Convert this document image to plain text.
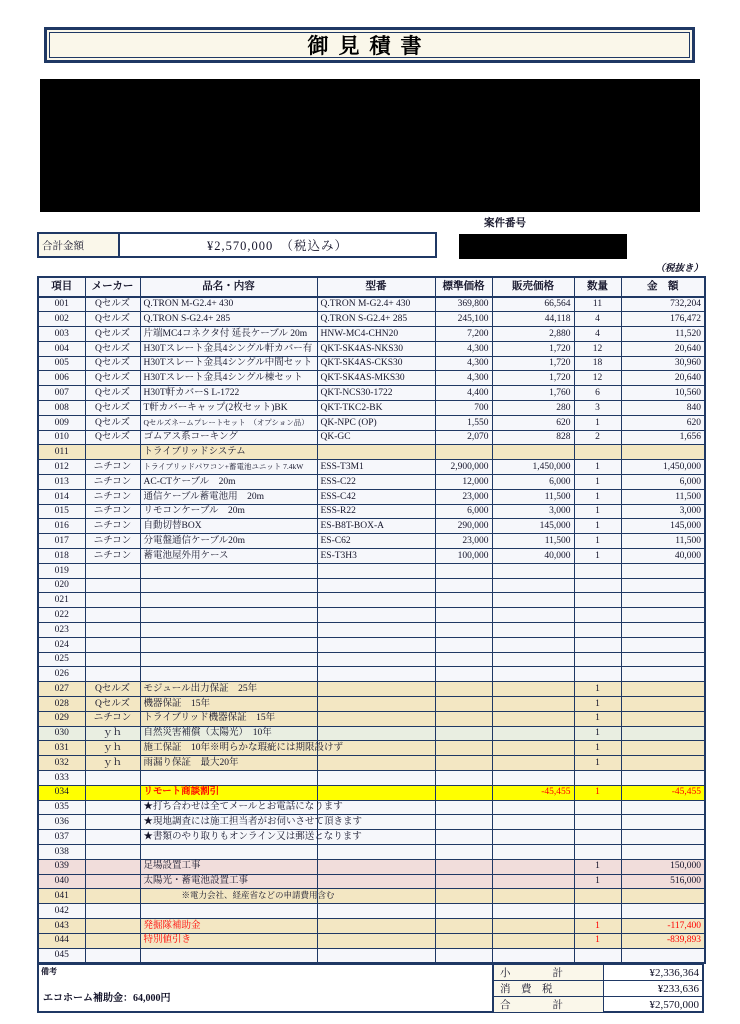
御見積書
案件番号
合計金額	¥2,570,000　（税込み）
（税抜き）
項目	メーカー	品名・内容	型番	標準価格	販売価格	数量	金　額
001	Qセルズ	Q.TRON M-G2.4+ 430	Q.TRON M-G2.4+ 430	369,800	66,564	11	732,204
002	Qセルズ	Q.TRON S-G2.4+ 285	Q.TRON S-G2.4+ 285	245,100	44,118	4	176,472
003	Qセルズ	片端MC4コネクタ付 延長ケーブル 20m	HNW-MC4-CHN20	7,200	2,880	4	11,520
004	Qセルズ	H30Tスレート金具4シングル軒カバー有	QKT-SK4AS-NKS30	4,300	1,720	12	20,640
005	Qセルズ	H30Tスレート金具4シングル中間セット	QKT-SK4AS-CKS30	4,300	1,720	18	30,960
006	Qセルズ	H30Tスレート金具4シングル棟セット	QKT-SK4AS-MKS30	4,300	1,720	12	20,640
007	Qセルズ	H30T軒カバーS L-1722	QKT-NCS30-1722	4,400	1,760	6	10,560
008	Qセルズ	T軒カバーキャップ(2枚セット)BK	QKT-TKC2-BK	700	280	3	840
009	Qセルズ	Qセルズネームプレートセット　（オプション品）	QK-NPC (OP)	1,550	620	1	620
010	Qセルズ	ゴムアス系コーキング	QK-GC	2,070	828	2	1,656
011		トライブリッドシステム					
012	ニチコン	トライブリッドパワコン+蓄電池ユニット 7.4kW	ESS-T3M1	2,900,000	1,450,000	1	1,450,000
013	ニチコン	AC-CTケーブル　20m	ESS-C22	12,000	6,000	1	6,000
014	ニチコン	通信ケーブル蓄電池用　20m	ESS-C42	23,000	11,500	1	11,500
015	ニチコン	リモコンケーブル　20m	ESS-R22	6,000	3,000	1	3,000
016	ニチコン	自動切替BOX	ES-B8T-BOX-A	290,000	145,000	1	145,000
017	ニチコン	分電盤通信ケーブル20m	ES-C62	23,000	11,500	1	11,500
018	ニチコン	蓄電池屋外用ケース	ES-T3H3	100,000	40,000	1	40,000
019							
020							
021							
022							
023							
024							
025							
026							
027	Qセルズ	モジュール出力保証　25年				1	
028	Qセルズ	機器保証　15年				1	
029	ニチコン	トライブリッド機器保証　15年				1	
030	ｙｈ	自然災害補償（太陽光）　10年				1	
031	ｙｈ	施工保証　10年※明らかな瑕疵には期限設けず				1	
032	ｙｈ	雨漏り保証　最大20年				1	
033							
034		リモート商談割引			-45,455	1	-45,455
035		★打ち合わせは全てメールとお電話になります					
036		★現地調査には施工担当者がお伺いさせて頂きます					
037		★書類のやり取りもオンライン又は郵送となります					
038							
039		足場設置工事				1	150,000
040		太陽光・蓄電池設置工事				1	516,000
041		※電力会社、経産省などの申請費用含む					
042							
043		発掘隊補助金				1	-117,400
044		特別値引き				1	-839,893
045							
備考
エコホーム補助金：64,000円
小　　　　計	¥2,336,364
消　費　税	¥233,636
合　　　　計	¥2,570,000
